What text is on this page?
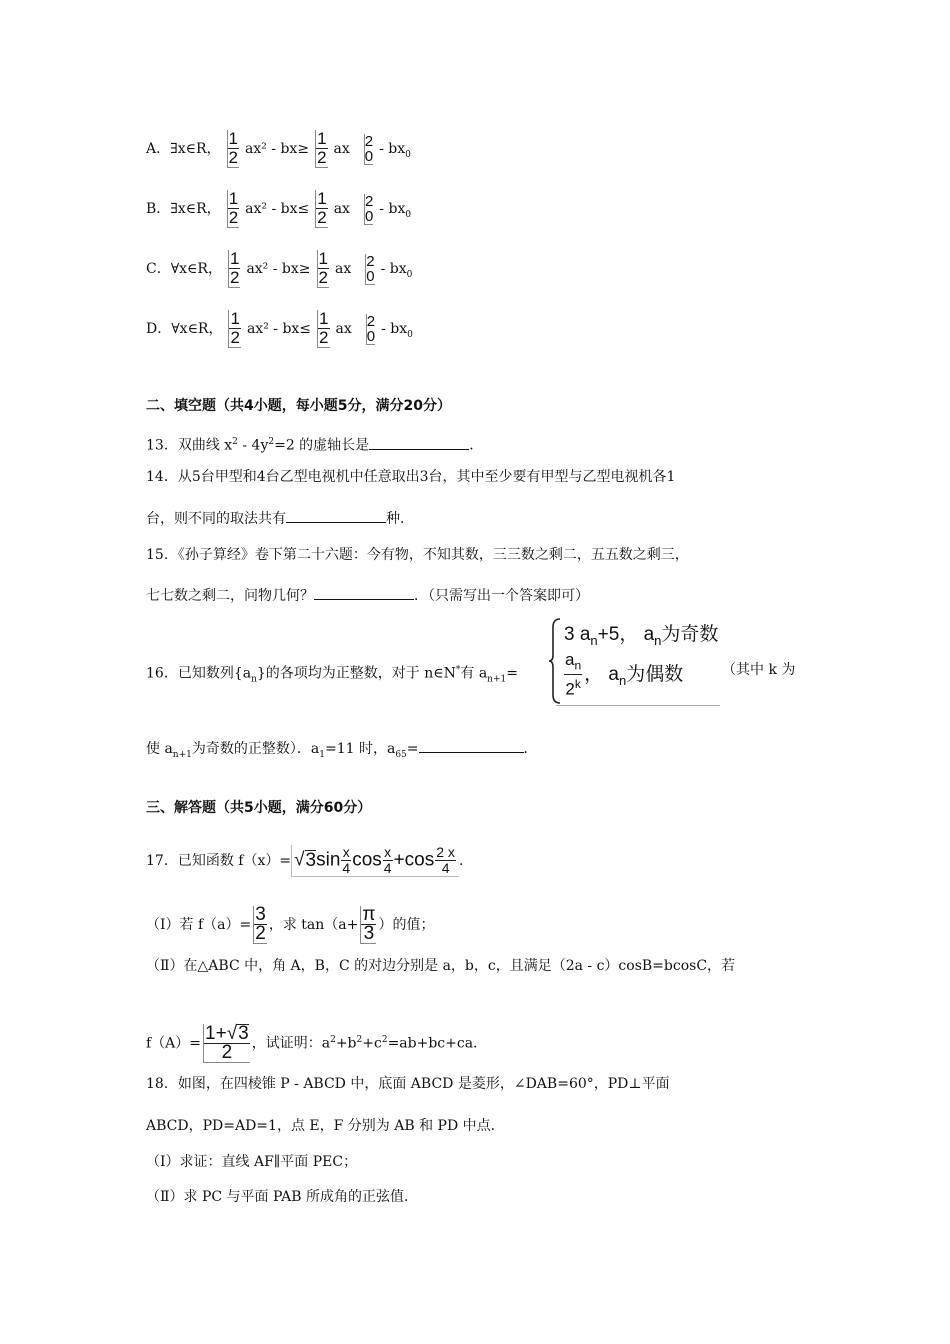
A．∃x∈R， $\frac{1}{2} ax^2 - bx\ge \frac{1}{2}$ ax 2
$0 - bx_0$
B．∃x∈R， $\frac{1}{2} ax^2 - bx\le \frac{1}{2}$ ax 2
$0 - bx_0$
C．∀x∈R， $\frac{1}{2} ax^2 - bx\ge \frac{1}{2}$ ax 2
$0 - bx_0$
D．∀x∈R， $\frac{1}{2} ax^2 - bx\le \frac{1}{2}$ ax 2
$0 - bx_0$
二、填空题（共4小题，每小题5分，满分20分）
13．双曲线 $x^2 - 4y^2=2$ 的虚轴长是	．
14．从5台甲型和4台乙型电视机中任意取出3台，其中至少要有甲型与乙型电视机各1
台，则不同的取法共有	种．
15．《孙子算经》卷下第二十六题：今有物，不知其数，三三数之剩二，五五数之剩三，
七七数之剩二，问物几何？	．（只需写出一个答案即可）
16．已知数列$\{a_n\}$的各项均为正整数，对于 n∈N*有 $a_{n+1}=$
3 $a_n+5$， $a_n$为奇数
$\frac{a_n}{2^k}$ ， $a_n$为偶数	（其中 k 为
使 $a_{n+1}$为奇数的正整数）．$a_1=11$ 时，$a_{65}=$	．
三、解答题（共5小题，满分60分）
17．已知函数 $f(x)= √3\sin \frac{x}{4}$ $\cos \frac{x}{4} +\cos \frac{2 x}{4}$ .
（Ⅰ）若 $f(a)= \frac{3}{2}$ ，求 $\tan(a+ \frac{\pi}{3}$ ）的值；
（Ⅱ）在△ABC 中，角 A，B，C 的对边分别是 a，b，c，且满足（2a - c）cosB=bcosC，若
$f(A)= \frac{1+√3}{2}$ ，试证明：$a^2+b^2+c^2=ab+bc+ca$.
18．如图，在四棱锥 P - ABCD 中，底面 ABCD 是菱形，∠DAB=60°，PD⊥平面
ABCD，PD=AD=1，点 E，F 分别为 AB 和 PD 中点．
（Ⅰ）求证：直线 AF∥平面 PEC；
（Ⅱ）求 PC 与平面 PAB 所成角的正弦值．
